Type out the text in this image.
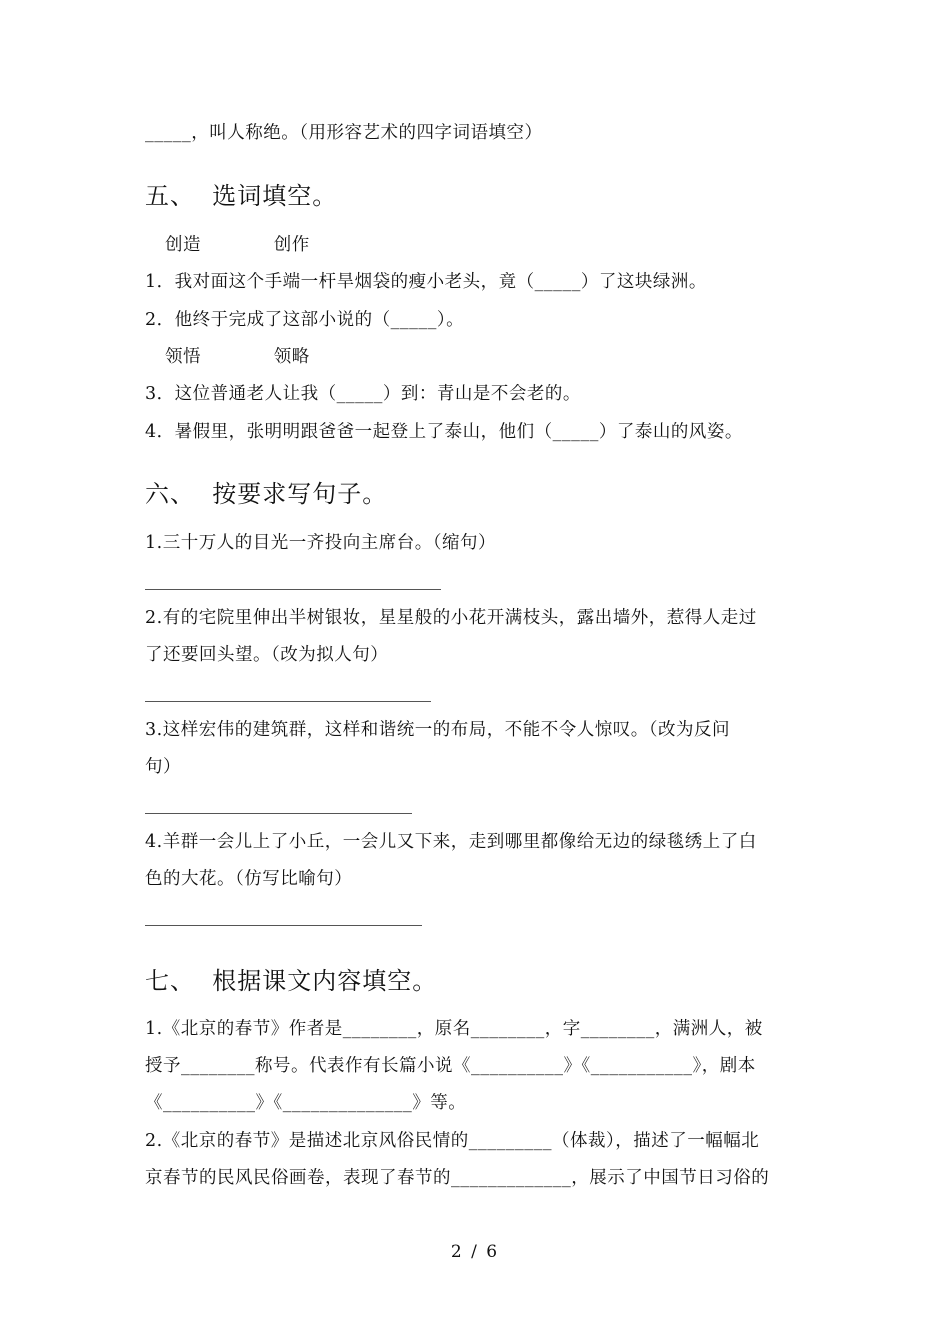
_____，叫人称绝。（用形容艺术的四字词语填空）
五、  选词填空。
创造            创作
1．我对面这个手端一杆旱烟袋的瘦小老头，竟（_____）了这块绿洲。
2．他终于完成了这部小说的（_____）。
领悟            领略
3．这位普通老人让我（_____）到：青山是不会老的。
4．暑假里，张明明跟爸爸一起登上了泰山，他们（_____）了泰山的风姿。
六、  按要求写句子。
1.三十万人的目光一齐投向主席台。（缩句）
2.有的宅院里伸出半树银妆，星星般的小花开满枝头，露出墙外，惹得人走过
了还要回头望。（改为拟人句）
3.这样宏伟的建筑群，这样和谐统一的布局，不能不令人惊叹。（改为反问
句）
4.羊群一会儿上了小丘，一会儿又下来，走到哪里都像给无边的绿毯绣上了白
色的大花。（仿写比喻句）
七、  根据课文内容填空。
1.《北京的春节》作者是________，原名________，字________，满洲人，被
授予________称号。代表作有长篇小说《__________》《___________》，剧本
《__________》《______________》等。
2.《北京的春节》是描述北京风俗民情的_________（体裁），描述了一幅幅北
京春节的民风民俗画卷，表现了春节的_____________，展示了中国节日习俗的
2 / 6
